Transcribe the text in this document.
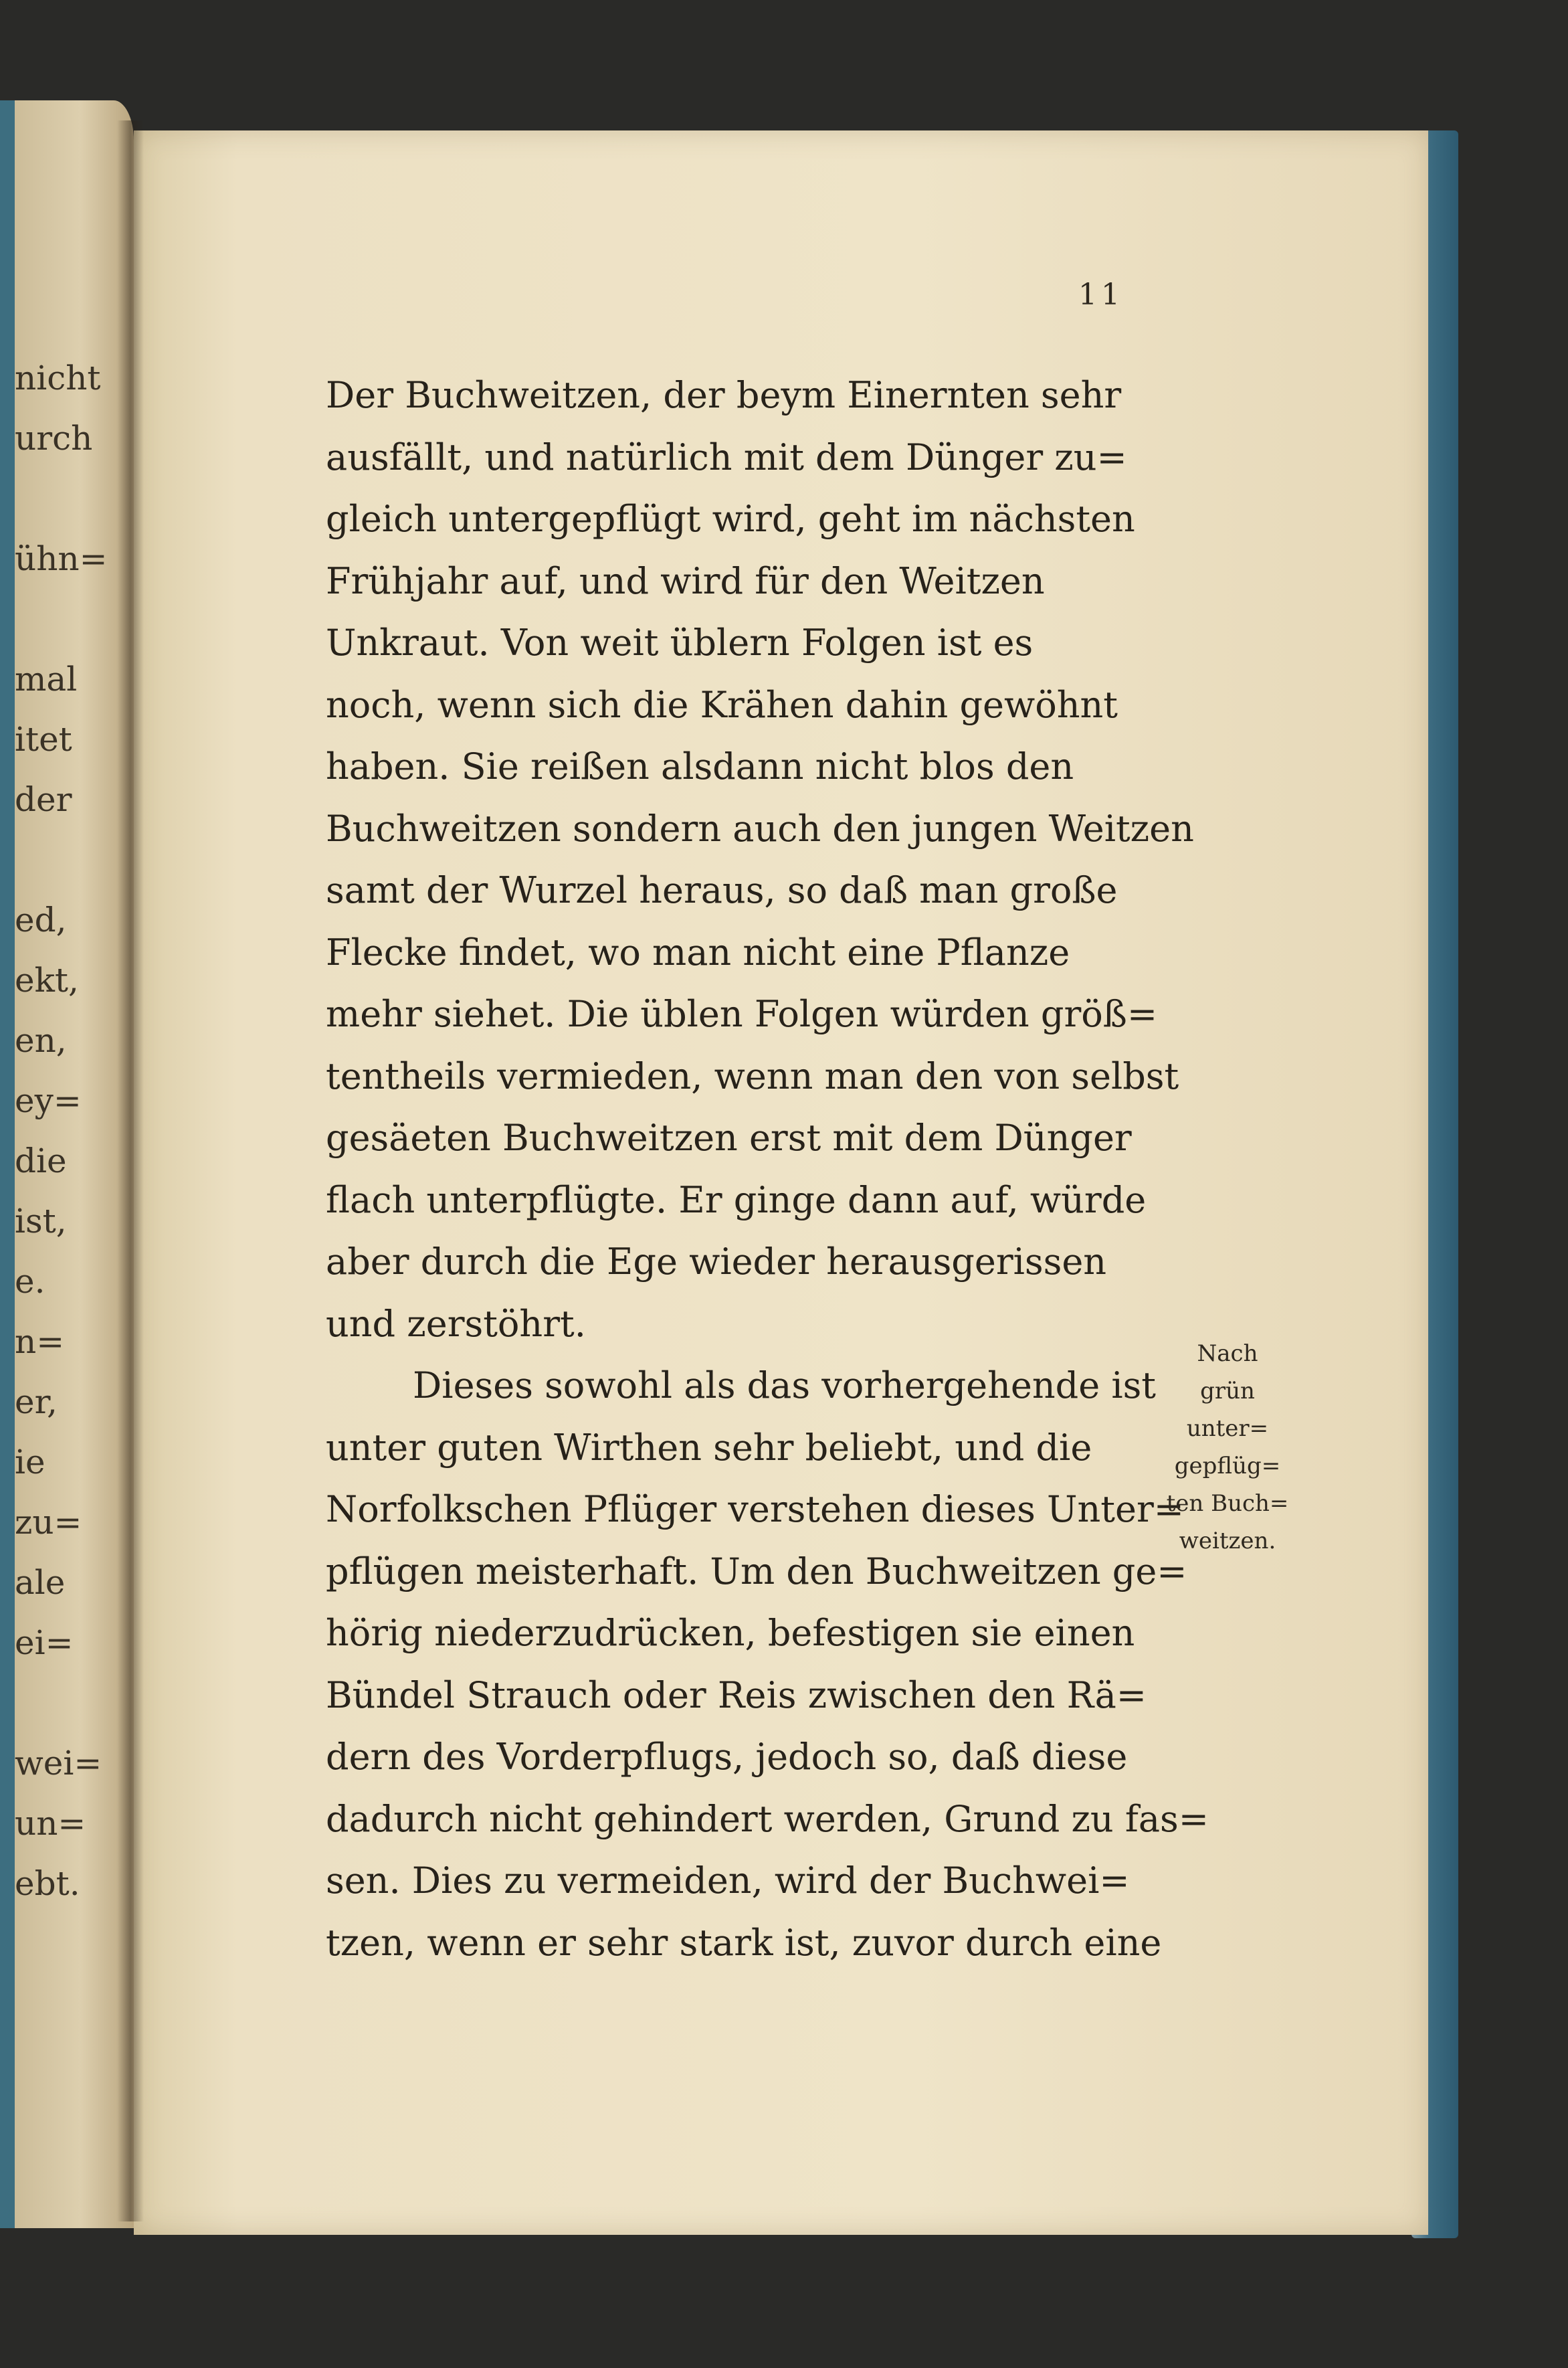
nicht
urch
ühn=
mal
itet
der
ed,
ekt,
en,
ey=
die
ist,
e.
n=
er,
ie
zu=
ale
ei=
wei=
un=
ebt.
11
Der Buchweitzen, der beym Einernten sehr
ausfällt, und natürlich mit dem Dünger zu=
gleich untergepflügt wird, geht im nächsten
Frühjahr auf, und wird für den Weitzen
Unkraut. Von weit üblern Folgen ist es
noch, wenn sich die Krähen dahin gewöhnt
haben. Sie reißen alsdann nicht blos den
Buchweitzen sondern auch den jungen Weitzen
samt der Wurzel heraus, so daß man große
Flecke findet, wo man nicht eine Pflanze
mehr siehet. Die üblen Folgen würden größ=
tentheils vermieden, wenn man den von selbst
gesäeten Buchweitzen erst mit dem Dünger
flach unterpflügte. Er ginge dann auf, würde
aber durch die Ege wieder herausgerissen
und zerstöhrt.
Dieses sowohl als das vorhergehende ist
unter guten Wirthen sehr beliebt, und die
Norfolkschen Pflüger verstehen dieses Unter=
pflügen meisterhaft. Um den Buchweitzen ge=
hörig niederzudrücken, befestigen sie einen
Bündel Strauch oder Reis zwischen den Rä=
dern des Vorderpflugs, jedoch so, daß diese
dadurch nicht gehindert werden, Grund zu fas=
sen. Dies zu vermeiden, wird der Buchwei=
tzen, wenn er sehr stark ist, zuvor durch eine
Nach
grün
unter=
gepflüg=
ten Buch=
weitzen.
